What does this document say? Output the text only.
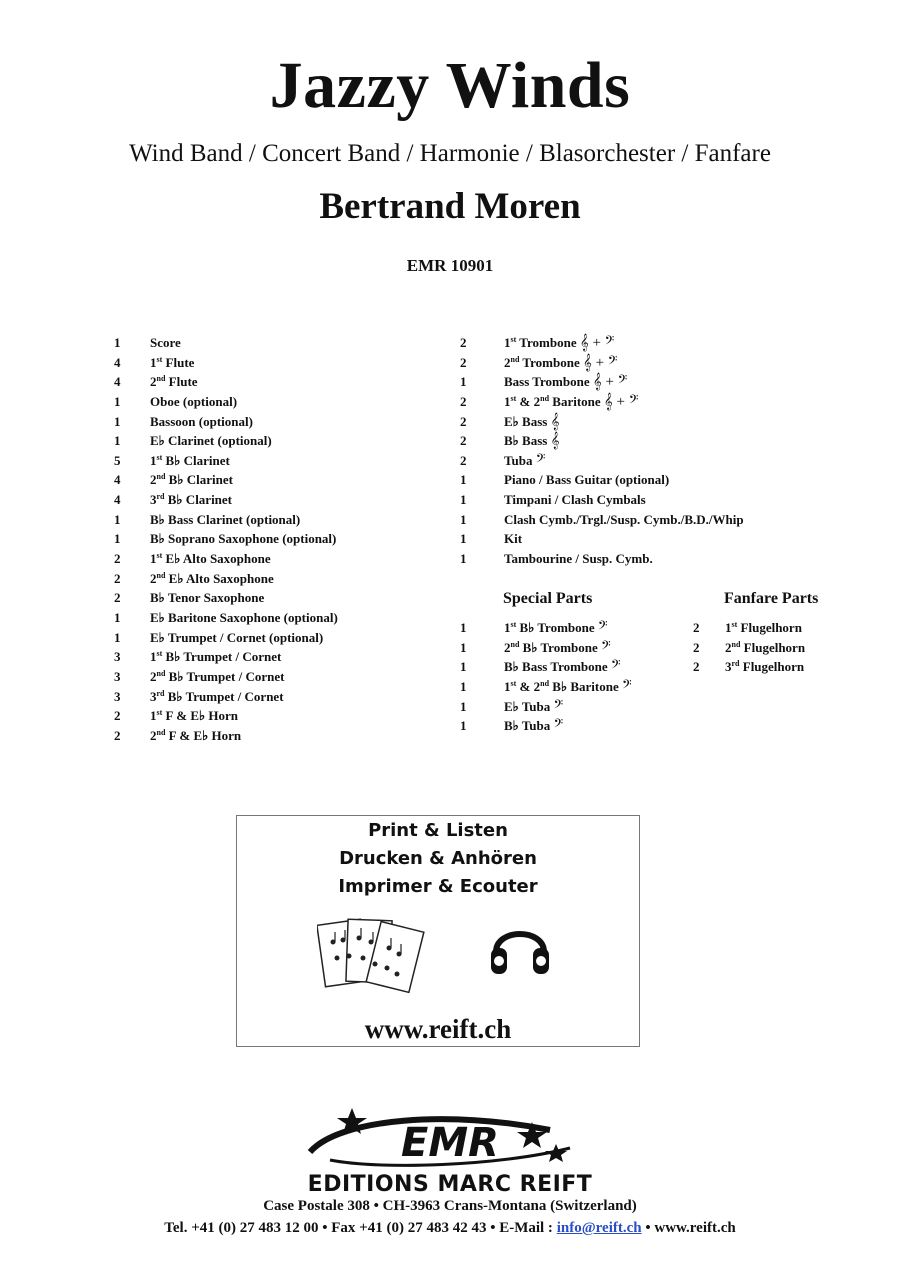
Jazzy Winds
Wind Band / Concert Band / Harmonie / Blasorchester / Fanfare
Bertrand Moren
EMR 10901
1 Score
4 1st Flute
4 2nd Flute
1 Oboe (optional)
1 Bassoon (optional)
1 E♭ Clarinet (optional)
5 1st B♭ Clarinet
4 2nd B♭ Clarinet
4 3rd B♭ Clarinet
1 B♭ Bass Clarinet (optional)
1 B♭ Soprano Saxophone (optional)
2 1st E♭ Alto Saxophone
2 2nd E♭ Alto Saxophone
2 B♭ Tenor Saxophone
1 E♭ Baritone Saxophone (optional)
1 E♭ Trumpet / Cornet (optional)
3 1st B♭ Trumpet / Cornet
3 2nd B♭ Trumpet / Cornet
3 3rd B♭ Trumpet / Cornet
2 1st F & E♭ Horn
2 2nd F & E♭ Horn
2	1st Trombone 𝄞 + 𝄢
2	2nd Trombone 𝄞 + 𝄢
1	Bass Trombone 𝄞 + 𝄢
2	1st & 2nd Baritone 𝄞 + 𝄢
2	E♭ Bass 𝄞
2	B♭ Bass 𝄞
2	Tuba 𝄢
1	Piano / Bass Guitar (optional)
1	Timpani / Clash Cymbals
1	Clash Cymb./Trgl./Susp. Cymb./B.D./Whip
1	Kit
1	Tambourine / Susp. Cymb.
Special Parts	Fanfare Parts
1	1st B♭ Trombone 𝄢
1	2nd B♭ Trombone 𝄢
1	B♭ Bass Trombone 𝄢
1	1st & 2nd B♭ Baritone 𝄢
1	E♭ Tuba 𝄢
1	B♭ Tuba 𝄢
2 1st Flugelhorn
2 2nd Flugelhorn
2 3rd Flugelhorn
Print & Listen
Drucken & Anhören
Imprimer & Ecouter
www.reift.ch
EMR
EDITIONS MARC REIFT
Case Postale 308 • CH-3963 Crans-Montana (Switzerland)
Tel. +41 (0) 27 483 12 00 • Fax +41 (0) 27 483 42 43 • E-Mail : info@reift.ch • www.reift.ch
